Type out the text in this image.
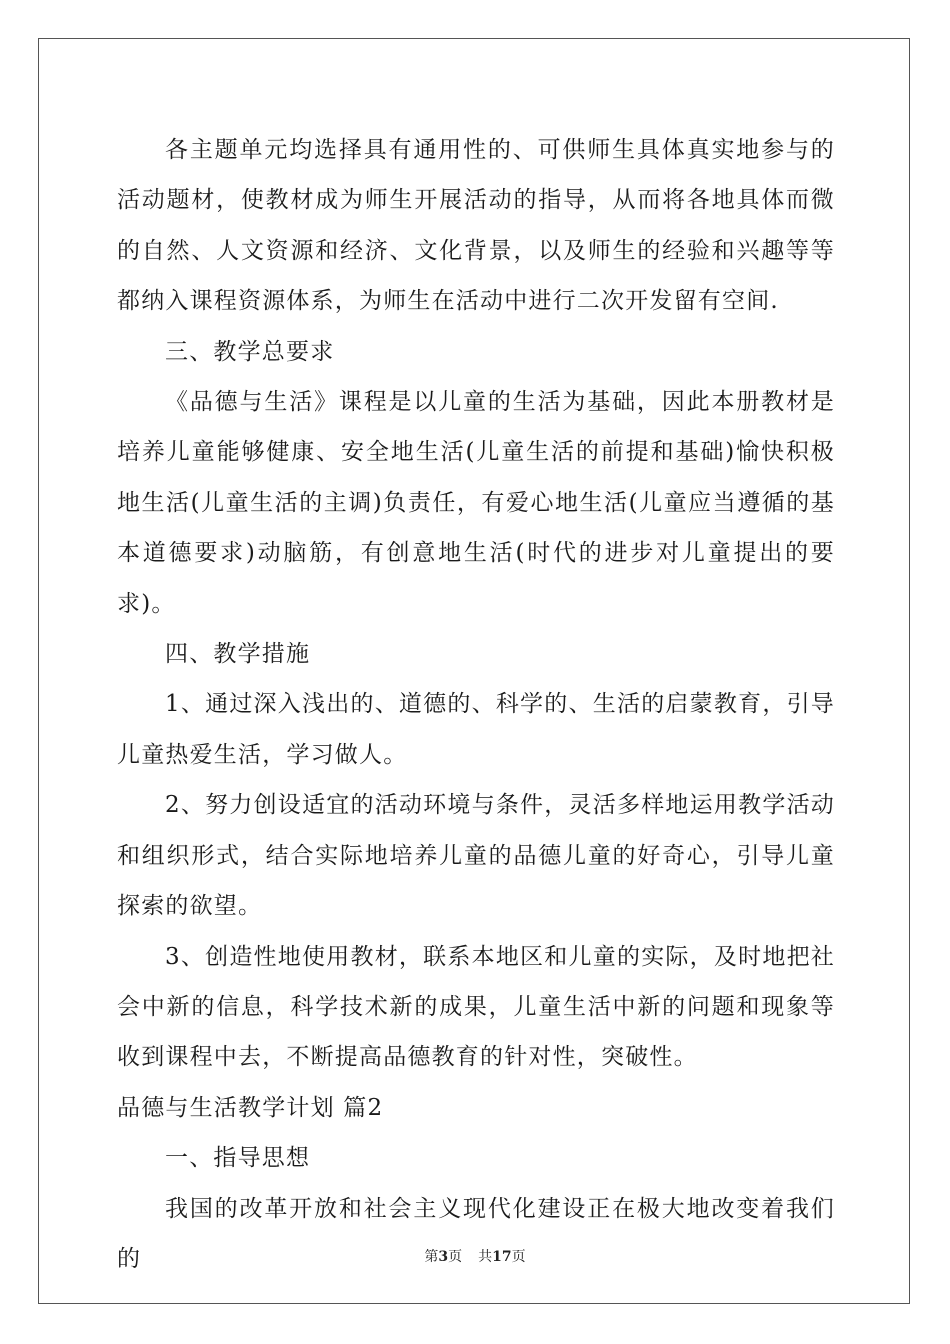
各主题单元均选择具有通用性的、可供师生具体真实地参与的活动题材，使教材成为师生开展活动的指导，从而将各地具体而微的自然、人文资源和经济、文化背景，以及师生的经验和兴趣等等都纳入课程资源体系，为师生在活动中进行二次开发留有空间.

三、教学总要求

《品德与生活》课程是以儿童的生活为基础，因此本册教材是培养儿童能够健康、安全地生活(儿童生活的前提和基础)愉快积极地生活(儿童生活的主调)负责任，有爱心地生活(儿童应当遵循的基本道德要求)动脑筋，有创意地生活(时代的进步对儿童提出的要求)。

四、教学措施

1、通过深入浅出的、道德的、科学的、生活的启蒙教育，引导儿童热爱生活，学习做人。

2、努力创设适宜的活动环境与条件，灵活多样地运用教学活动和组织形式，结合实际地培养儿童的品德儿童的好奇心，引导儿童探索的欲望。

3、创造性地使用教材，联系本地区和儿童的实际，及时地把社会中新的信息，科学技术新的成果，儿童生活中新的问题和现象等收到课程中去，不断提高品德教育的针对性，突破性。

品德与生活教学计划 篇2

一、指导思想

我国的改革开放和社会主义现代化建设正在极大地改变着我们的	第3页 共17页
